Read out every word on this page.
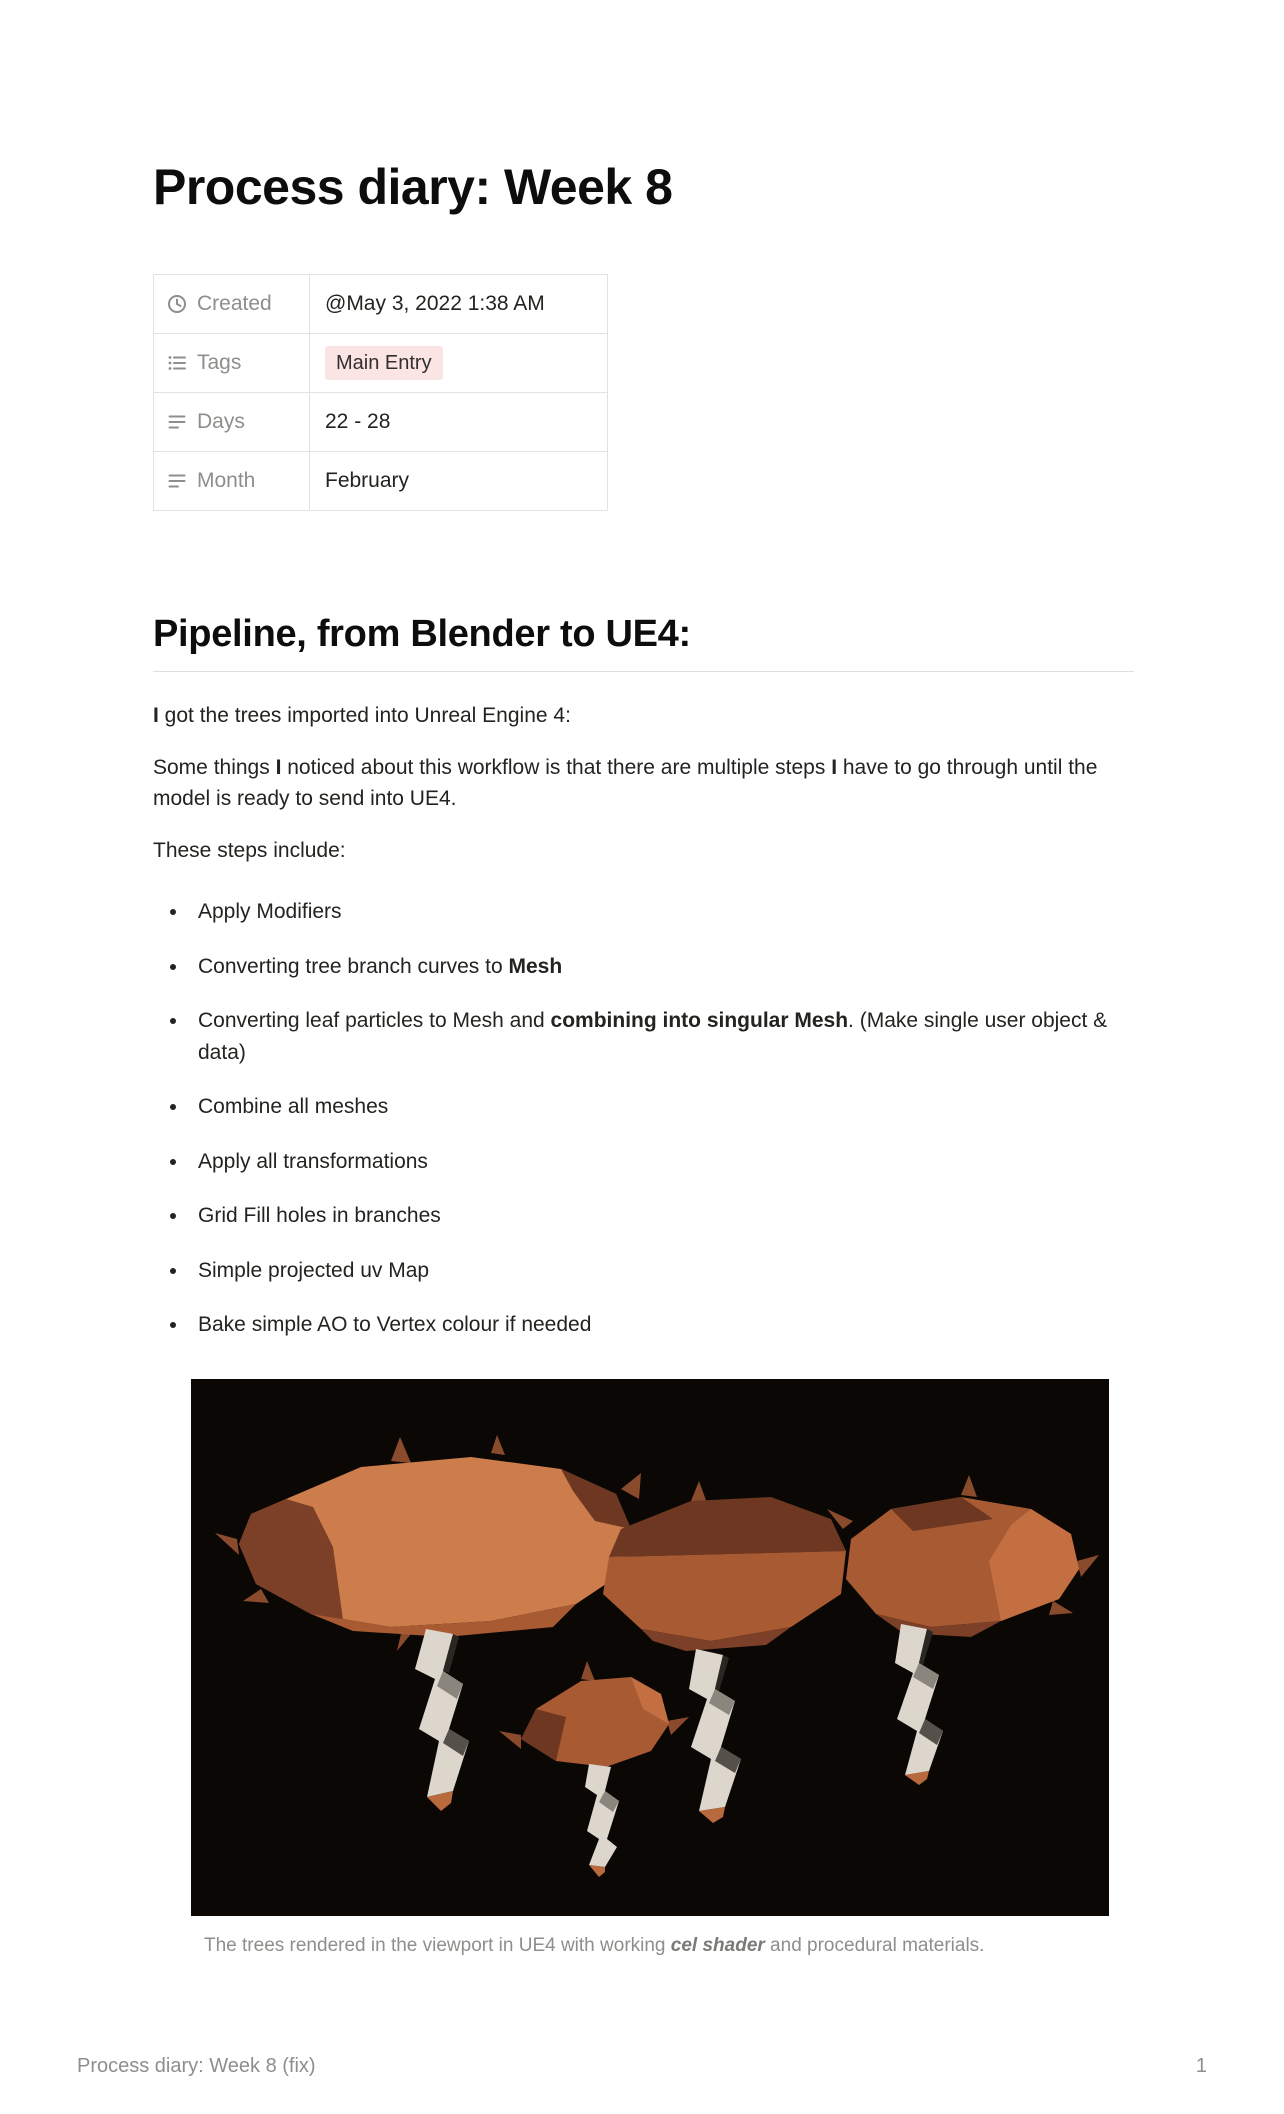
Process diary: Week 8
Created	@May 3, 2022 1:38 AM

Tags	Main Entry

Days	22 - 28

Month	February
Pipeline, from Blender to UE4:

I got the trees imported into Unreal Engine 4:

Some things I noticed about this workflow is that there are multiple steps I have to go through until the model is ready to send into UE4.

These steps include:

• Apply Modifiers
• Converting tree branch curves to Mesh
• Converting leaf particles to Mesh and combining into singular Mesh. (Make single user object & data)
• Combine all meshes
• Apply all transformations
• Grid Fill holes in branches
• Simple projected uv Map
• Bake simple AO to Vertex colour if needed
The trees rendered in the viewport in UE4 with working cel shader and procedural materials.
Process diary: Week 8 (fix)	1
